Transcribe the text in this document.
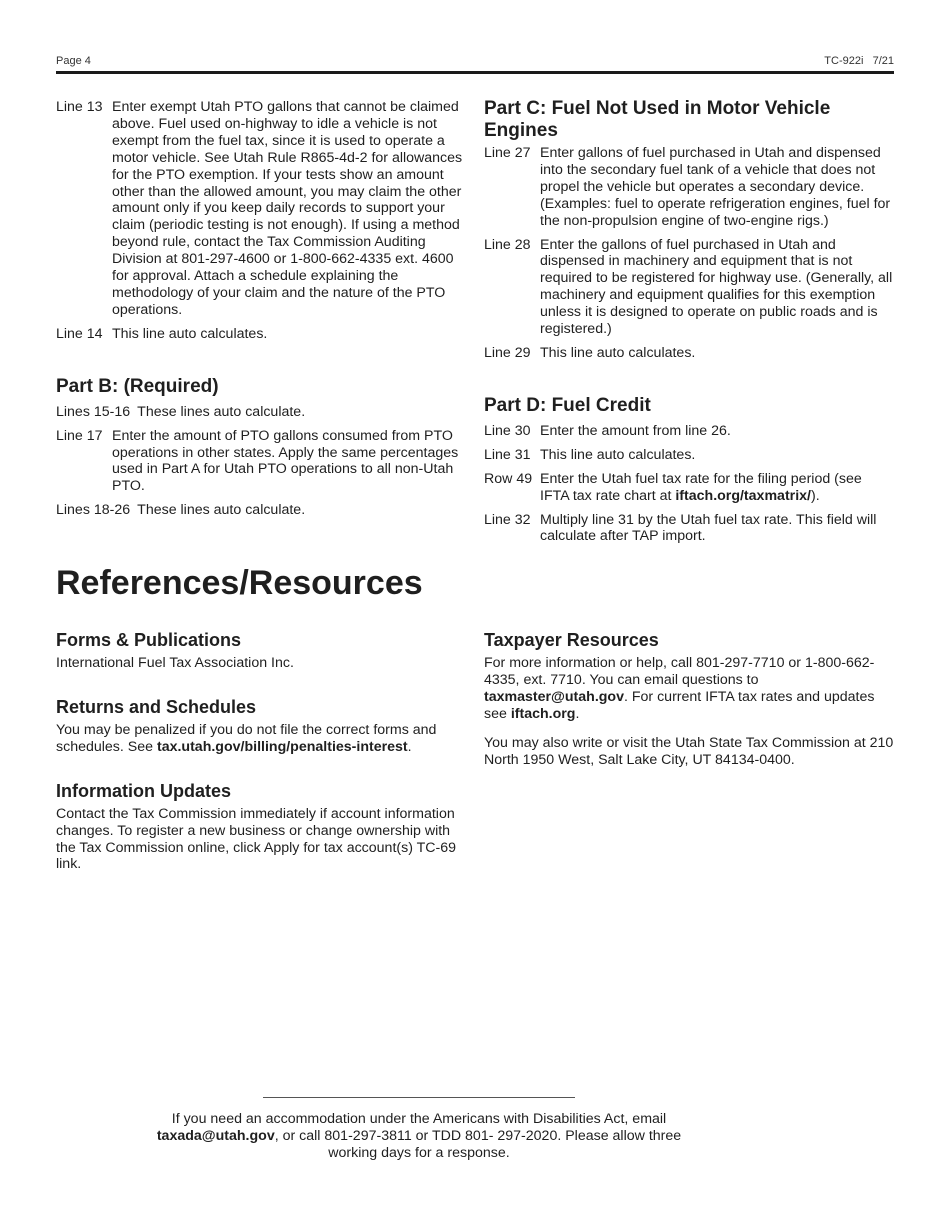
Page 4	TC-922i   7/21
Line 13 Enter exempt Utah PTO gallons that cannot be claimed above. Fuel used on-highway to idle a vehicle is not exempt from the fuel tax, since it is used to operate a motor vehicle. See Utah Rule R865-4d-2 for allowances for the PTO exemption. If your tests show an amount other than the allowed amount, you may claim the other amount only if you keep daily records to support your claim (periodic testing is not enough). If using a method beyond rule, contact the Tax Commission Auditing Division at 801-297-4600 or 1-800-662-4335 ext. 4600 for approval. Attach a schedule explaining the methodology of your claim and the nature of the PTO operations.
Line 14 This line auto calculates.
Part B: (Required)
Lines 15-16 These lines auto calculate.
Line 17 Enter the amount of PTO gallons consumed from PTO operations in other states. Apply the same percentages used in Part A for Utah PTO operations to all non-Utah PTO.
Lines 18-26 These lines auto calculate.
Part C: Fuel Not Used in Motor Vehicle Engines
Line 27 Enter gallons of fuel purchased in Utah and dispensed into the secondary fuel tank of a vehicle that does not propel the vehicle but operates a secondary device. (Examples: fuel to operate refrigeration engines, fuel for the non-propulsion engine of two-engine rigs.)
Line 28 Enter the gallons of fuel purchased in Utah and dispensed in machinery and equipment that is not required to be registered for highway use. (Generally, all machinery and equipment qualifies for this exemption unless it is designed to operate on public roads and is registered.)
Line 29 This line auto calculates.
Part D: Fuel Credit
Line 30 Enter the amount from line 26.
Line 31 This line auto calculates.
Row 49 Enter the Utah fuel tax rate for the filing period (see IFTA tax rate chart at iftach.org/taxmatrix/).
Line 32 Multiply line 31 by the Utah fuel tax rate. This field will calculate after TAP import.
References/Resources
Forms & Publications

International Fuel Tax Association Inc.

Returns and Schedules

You may be penalized if you do not file the correct forms and schedules. See tax.utah.gov/billing/penalties-interest.

Information Updates

Contact the Tax Commission immediately if account information changes. To register a new business or change ownership with the Tax Commission online, click Apply for tax account(s) TC-69 link.

Taxpayer Resources

For more information or help, call 801-297-7710 or 1-800-662-4335, ext. 7710. You can email questions to taxmaster@utah.gov. For current IFTA tax rates and updates see iftach.org.

You may also write or visit the Utah State Tax Commission at 210 North 1950 West, Salt Lake City, UT 84134-0400.

If you need an accommodation under the Americans with Disabilities Act, email taxada@utah.gov, or call 801-297-3811 or TDD 801- 297-2020. Please allow three working days for a response.
